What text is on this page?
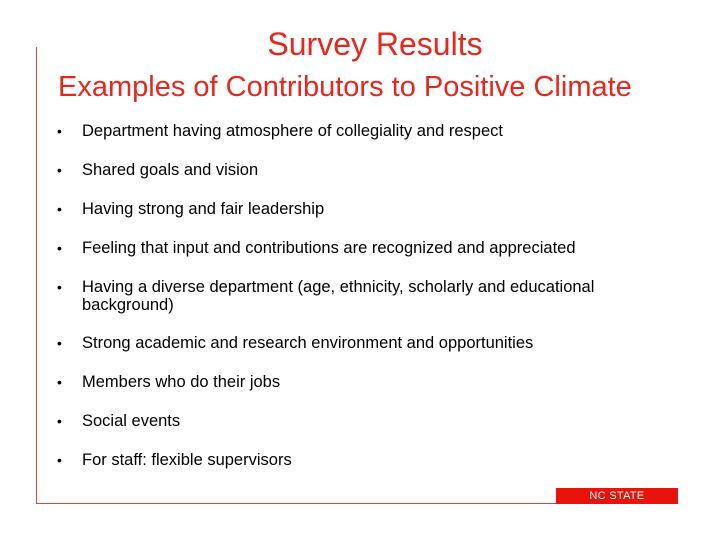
Survey Results
Examples of Contributors to Positive Climate
• Department having atmosphere of collegiality and respect
• Shared goals and vision
• Having strong and fair leadership
• Feeling that input and contributions are recognized and appreciated
• Having a diverse department (age, ethnicity, scholarly and educational background)
• Strong academic and research environment and opportunities
• Members who do their jobs
• Social events
• For staff: flexible supervisors
NC STATE
